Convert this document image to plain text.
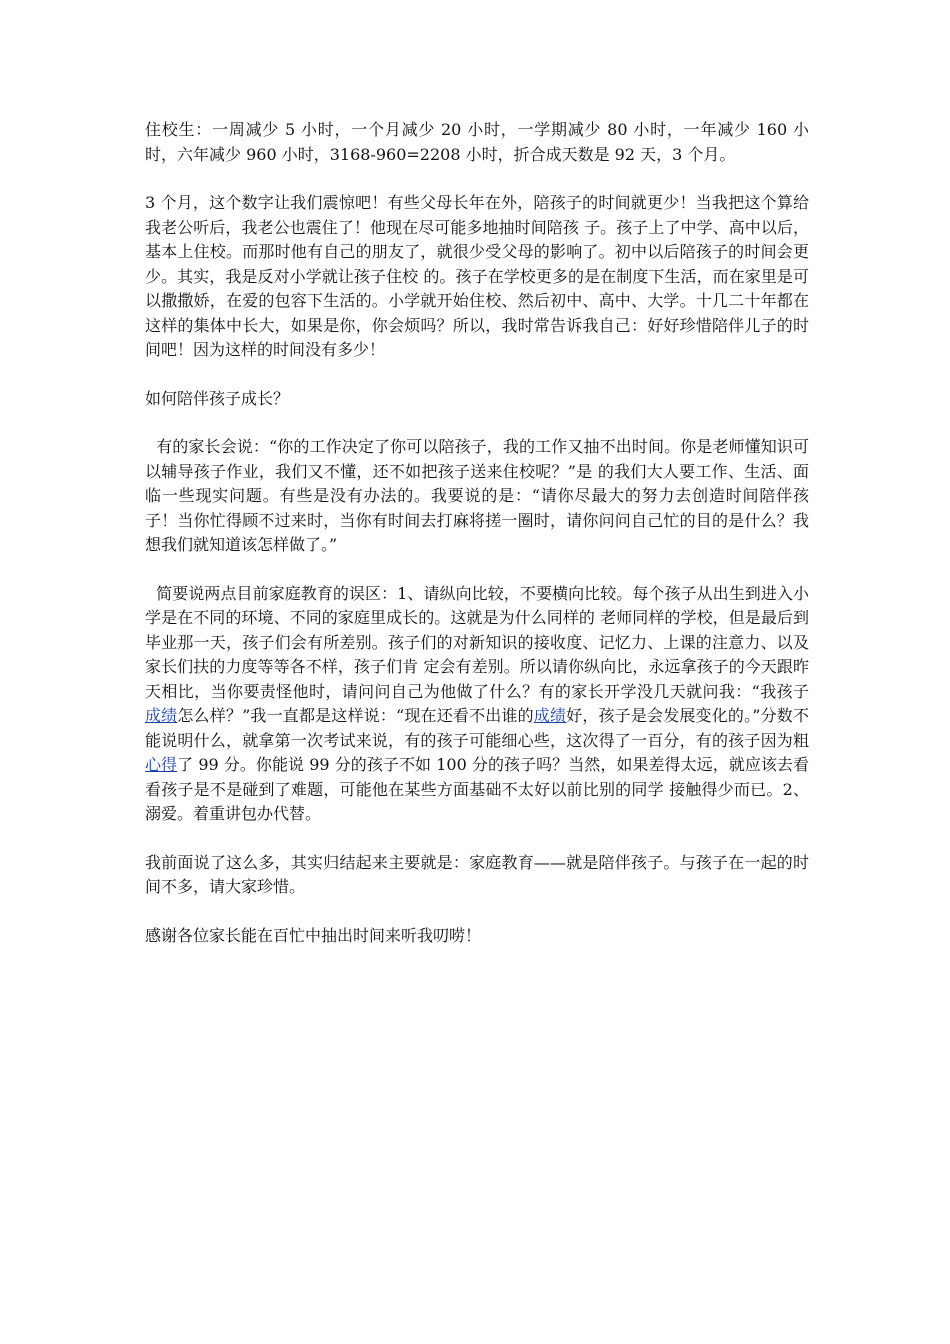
住校生：一周减少 5 小时，一个月减少 20 小时，一学期减少 80 小时，一年减少 160 小时，六年减少 960 小时，3168-960=2208 小时，折合成天数是 92 天，3 个月。

3 个月，这个数字让我们震惊吧！有些父母长年在外，陪孩子的时间就更少！当我把这个算给我老公听后，我老公也震住了！他现在尽可能多地抽时间陪孩 子。孩子上了中学、高中以后，基本上住校。而那时他有自己的朋友了，就很少受父母的影响了。初中以后陪孩子的时间会更少。其实，我是反对小学就让孩子住校 的。孩子在学校更多的是在制度下生活，而在家里是可以撒撒娇，在爱的包容下生活的。小学就开始住校、然后初中、高中、大学。十几二十年都在这样的集体中长大，如果是你，你会烦吗？所以，我时常告诉我自己：好好珍惜陪伴儿子的时间吧！因为这样的时间没有多少！

如何陪伴孩子成长？

有的家长会说：“你的工作决定了你可以陪孩子，我的工作又抽不出时间。你是老师懂知识可以辅导孩子作业，我们又不懂，还不如把孩子送来住校呢？”是 的我们大人要工作、生活、面临一些现实问题。有些是没有办法的。我要说的是：“请你尽最大的努力去创造时间陪伴孩子！当你忙得顾不过来时，当你有时间去打麻将搓一圈时，请你问问自己忙的目的是什么？我想我们就知道该怎样做了。”

简要说两点目前家庭教育的误区：1、请纵向比较，不要横向比较。每个孩子从出生到进入小学是在不同的环境、不同的家庭里成长的。这就是为什么同样的 老师同样的学校，但是最后到毕业那一天，孩子们会有所差别。孩子们的对新知识的接收度、记忆力、上课的注意力、以及家长们扶的力度等等各不样，孩子们肯 定会有差别。所以请你纵向比，永远拿孩子的今天跟昨天相比，当你要责怪他时，请问问自己为他做了什么？有的家长开学没几天就问我：“我孩子成绩怎么样？”我一直都是这样说：“现在还看不出谁的成绩好，孩子是会发展变化的。”分数不能说明什么，就拿第一次考试来说，有的孩子可能细心些，这次得了一百分，有的孩子因为粗心得了 99 分。你能说 99 分的孩子不如 100 分的孩子吗？当然，如果差得太远，就应该去看看孩子是不是碰到了难题，可能他在某些方面基础不太好以前比别的同学 接触得少而已。2、溺爱。着重讲包办代替。

我前面说了这么多，其实归结起来主要就是：家庭教育——就是陪伴孩子。与孩子在一起的时间不多，请大家珍惜。

感谢各位家长能在百忙中抽出时间来听我叨唠！
